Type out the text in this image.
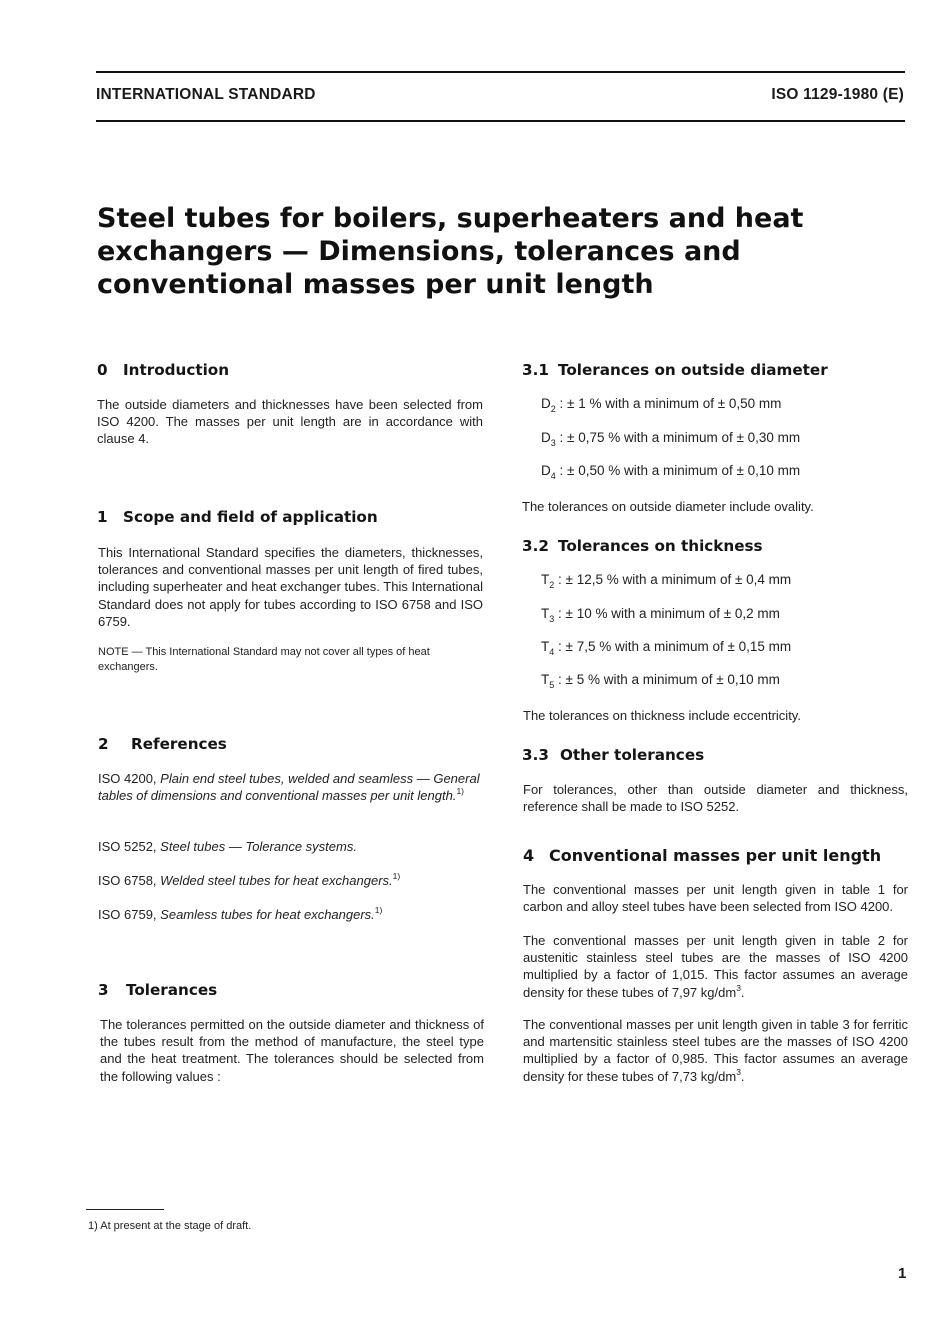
INTERNATIONAL STANDARD	ISO 1129-1980 (E)
Steel tubes for boilers, superheaters and heat exchangers — Dimensions, tolerances and conventional masses per unit length
0 Introduction
The outside diameters and thicknesses have been selected from ISO 4200. The masses per unit length are in accordance with clause 4.
1 Scope and field of application
This International Standard specifies the diameters, thicknesses, tolerances and conventional masses per unit length of fired tubes, including superheater and heat exchanger tubes. This International Standard does not apply for tubes according to ISO 6758 and ISO 6759.
NOTE — This International Standard may not cover all types of heat exchangers.
2 References
ISO 4200, Plain end steel tubes, welded and seamless — General tables of dimensions and conventional masses per unit length.$^{1)}$
ISO 5252, Steel tubes — Tolerance systems.
ISO 6758, Welded steel tubes for heat exchangers.$^{1)}$
ISO 6759, Seamless tubes for heat exchangers.$^{1)}$
3 Tolerances
The tolerances permitted on the outside diameter and thickness of the tubes result from the method of manufacture, the steel type and the heat treatment. The tolerances should be selected from the following values :
3.1 Tolerances on outside diameter
$D_2$ : ± 1 % with a minimum of ± 0,50 mm
$D_3$ : ± 0,75 % with a minimum of ± 0,30 mm
$D_4$ : ± 0,50 % with a minimum of ± 0,10 mm
The tolerances on outside diameter include ovality.
3.2 Tolerances on thickness
$T_2$ : ± 12,5 % with a minimum of ± 0,4 mm
$T_3$ : ± 10 % with a minimum of ± 0,2 mm
$T_4$ : ± 7,5 % with a minimum of ± 0,15 mm
$T_5$ : ± 5 % with a minimum of ± 0,10 mm
The tolerances on thickness include eccentricity.
3.3 Other tolerances
For tolerances, other than outside diameter and thickness, reference shall be made to ISO 5252.
4 Conventional masses per unit length
The conventional masses per unit length given in table 1 for carbon and alloy steel tubes have been selected from ISO 4200.
The conventional masses per unit length given in table 2 for austenitic stainless steel tubes are the masses of ISO 4200 multiplied by a factor of 1,015. This factor assumes an average density for these tubes of 7,97 $kg/dm^3$.
The conventional masses per unit length given in table 3 for ferritic and martensitic stainless steel tubes are the masses of ISO 4200 multiplied by a factor of 0,985. This factor assumes an average density for these tubes of 7,73 $kg/dm^3$.
1) At present at the stage of draft.
1
